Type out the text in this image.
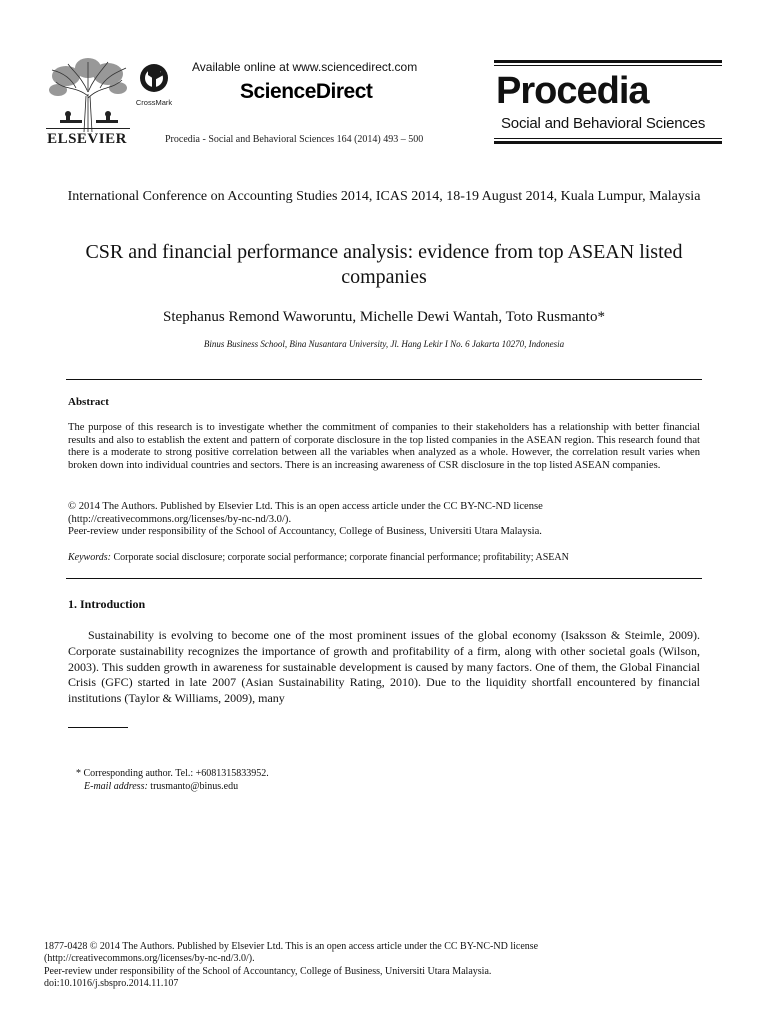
ELSEVIER
CrossMark
Available online at www.sciencedirect.com
ScienceDirect
Procedia - Social and Behavioral Sciences 164 (2014) 493 – 500
Procedia
Social and Behavioral Sciences
International Conference on Accounting Studies 2014, ICAS 2014, 18-19 August 2014, Kuala Lumpur, Malaysia
CSR and financial performance analysis: evidence from top ASEAN listed companies
Stephanus Remond Waworuntu, Michelle Dewi Wantah, Toto Rusmanto*
Binus Business School, Bina Nusantara University, Jl. Hang Lekir I No. 6 Jakarta 10270, Indonesia
Abstract
The purpose of this research is to investigate whether the commitment of companies to their stakeholders has a relationship with better financial results and also to establish the extent and pattern of corporate disclosure in the top listed companies in the ASEAN region. This research found that there is a moderate to strong positive correlation between all the variables when analyzed as a whole. However, the correlation result varies when broken down into individual countries and sectors. There is an increasing awareness of CSR disclosure in the top listed ASEAN companies.
© 2014 The Authors. Published by Elsevier Ltd. This is an open access article under the CC BY-NC-ND license
(http://creativecommons.org/licenses/by-nc-nd/3.0/).
Peer-review under responsibility of the School of Accountancy, College of Business, Universiti Utara Malaysia.
Keywords: Corporate social disclosure; corporate social performance; corporate financial performance; profitability; ASEAN
1. Introduction
Sustainability is evolving to become one of the most prominent issues of the global economy (Isaksson & Steimle, 2009). Corporate sustainability recognizes the importance of growth and profitability of a firm, along with other societal goals (Wilson, 2003). This sudden growth in awareness for sustainable development is caused by many factors. One of them, the Global Financial Crisis (GFC) started in late 2007 (Asian Sustainability Rating, 2010). Due to the liquidity shortfall encountered by financial institutions (Taylor & Williams, 2009), many
* Corresponding author. Tel.: +6081315833952.
E-mail address: trusmanto@binus.edu
1877-0428 © 2014 The Authors. Published by Elsevier Ltd. This is an open access article under the CC BY-NC-ND license
(http://creativecommons.org/licenses/by-nc-nd/3.0/).
Peer-review under responsibility of the School of Accountancy, College of Business, Universiti Utara Malaysia.
doi:10.1016/j.sbspro.2014.11.107
